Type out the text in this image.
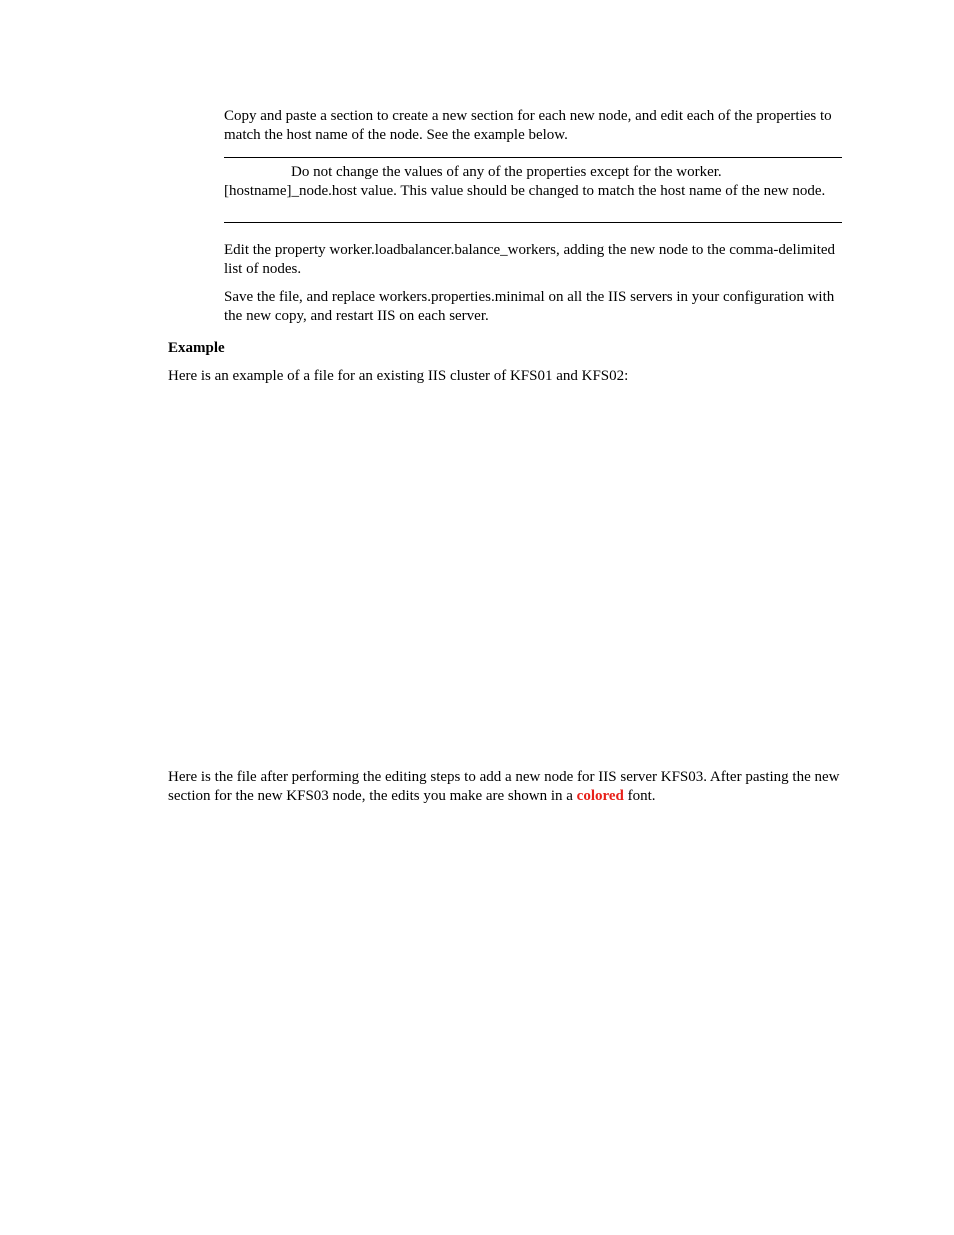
Copy and paste a section to create a new section for each new node, and edit each of the properties to match the host name of the node. See the example below.

Do not change the values of any of the properties except for the worker.[hostname]_node.host value. This value should be changed to match the host name of the new node.

Edit the property worker.loadbalancer.balance_workers, adding the new node to the comma-delimited list of nodes.

Save the file, and replace workers.properties.minimal on all the IIS servers in your configuration with the new copy, and restart IIS on each server.

Example

Here is an example of a file for an existing IIS cluster of KFS01 and KFS02:

Here is the file after performing the editing steps to add a new node for IIS server KFS03. After pasting the new section for the new KFS03 node, the edits you make are shown in a colored font.
